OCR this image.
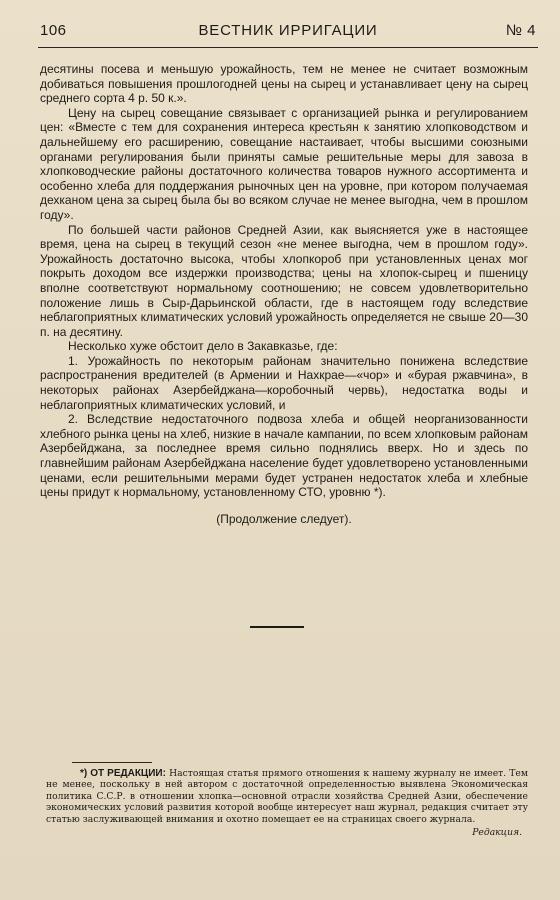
106	ВЕСТНИК ИРРИГАЦИИ	№ 4

десятины посева и меньшую урожайность, тем не менее не считает возможным добиваться повышения прошлогодней цены на сырец и устанавливает цену на сырец среднего сорта 4 р. 50 к.».

Цену на сырец совещание связывает с организацией рынка и регулированием цен: «Вместе с тем для сохранения интереса крестьян к занятию хлопководством и дальнейшему его расширению, совещание настаивает, чтобы высшими союзными органами регулирования были приняты самые решительные меры для завоза в хлопководческие районы достаточного количества товаров нужного ассортимента и особенно хлеба для поддержания рыночных цен на уровне, при котором получаемая дехканом цена за сырец была бы во всяком случае не менее выгодна, чем в прошлом году».

По большей части районов Средней Азии, как выясняется уже в настоящее время, цена на сырец в текущий сезон «не менее выгодна, чем в прошлом году». Урожайность достаточно высока, чтобы хлопкороб при установленных ценах мог покрыть доходом все издержки производства; цены на хлопок-сырец и пшеницу вполне соответствуют нормальному соотношению; не совсем удовлетворительно положение лишь в Сыр-Дарьинской области, где в настоящем году вследствие неблагоприятных климатических условий урожайность определяется не свыше 20—30 п. на десятину.

Несколько хуже обстоит дело в Закавказье, где:

1. Урожайность по некоторым районам значительно понижена вследствие распространения вредителей (в Армении и Нахкрае—«чор» и «бурая ржавчина», в некоторых районах Азербейджана—коробочный червь), недостатка воды и неблагоприятных климатических условий, и

2. Вследствие недостаточного подвоза хлеба и общей неорганизованности хлебного рынка цены на хлеб, низкие в начале кампании, по всем хлопковым районам Азербейджана, за последнее время сильно поднялись вверх. Но и здесь по главнейшим районам Азербейджана население будет удовлетворено установленными ценами, если решительными мерами будет устранен недостаток хлеба и хлебные цены придут к нормальному, установленному СТО, уровню *).

(Продолжение следует).

*) ОТ РЕДАКЦИИ: Настоящая статья прямого отношения к нашему журналу не имеет. Тем не менее, поскольку в ней автором с достаточной определенностью выявлена Экономическая политика С.С.Р. в отношении хлопка—основной отрасли хозяйства Средней Азии, обеспечение экономических условий развития которой вообще интересует наш журнал, редакция считает эту статью заслуживающей внимания и охотно помещает ее на страницах своего журнала.

Редакция.
